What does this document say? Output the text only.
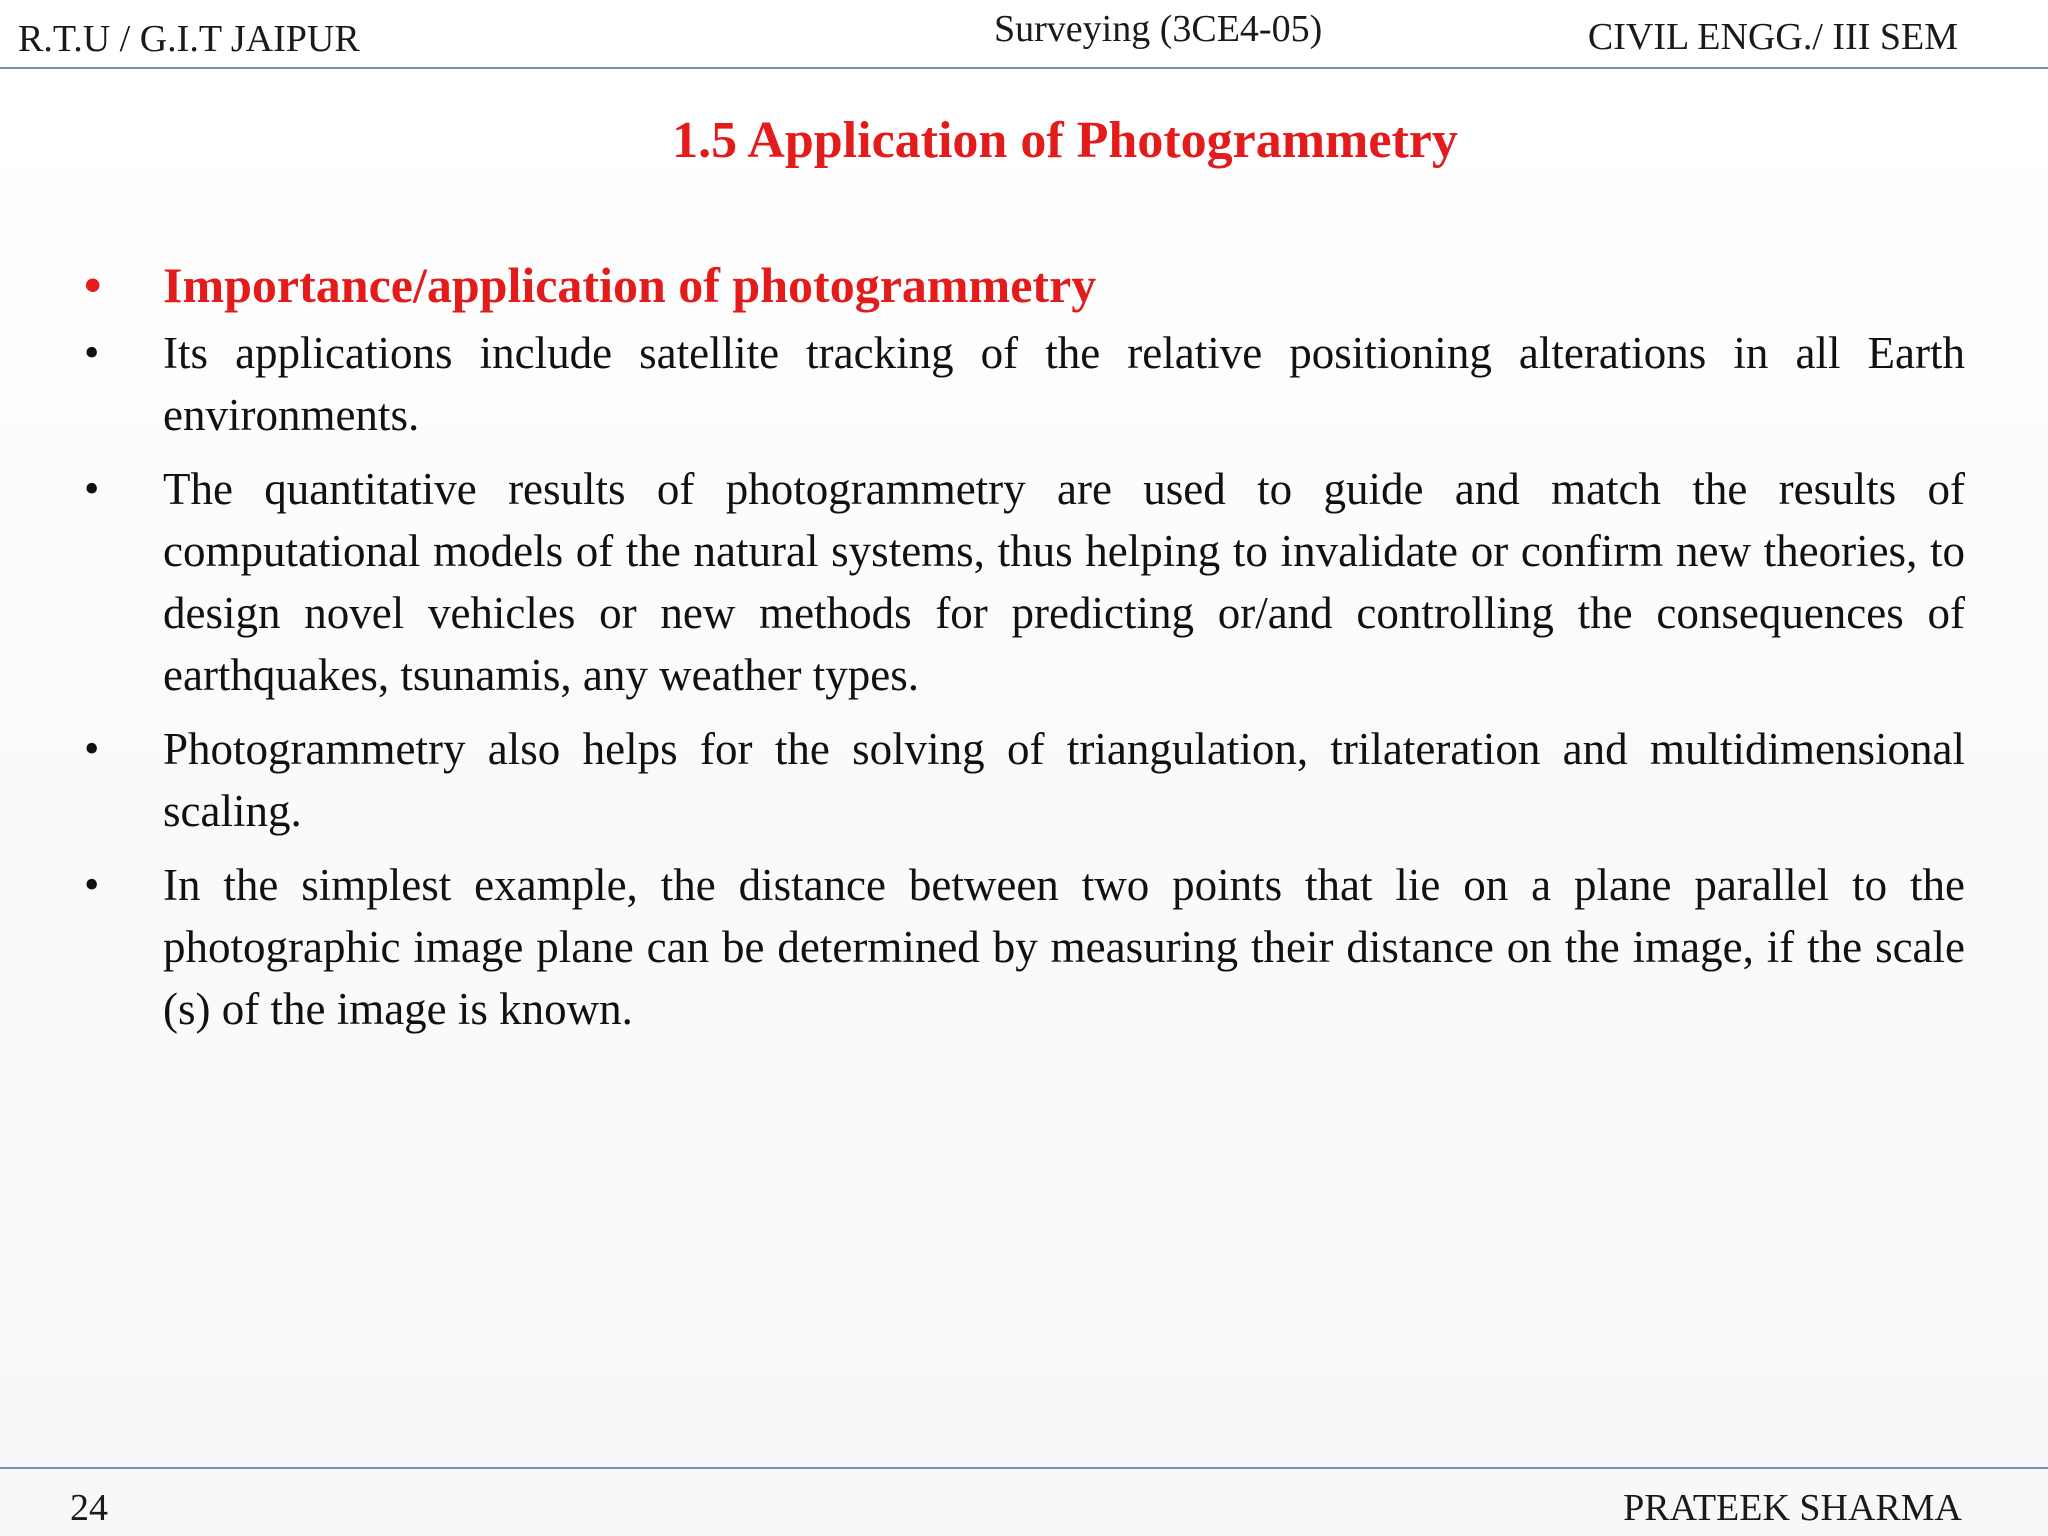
R.T.U / G.I.T JAIPUR	Surveying (3CE4-05)	CIVIL ENGG./ III SEM
1.5 Application of Photogrammetry
•	Importance/application of photogrammetry
•	Its applications include satellite tracking of the relative positioning alterations in all Earth environments.
•	The quantitative results of photogrammetry are used to guide and match the results of computational models of the natural systems, thus helping to invalidate or confirm new theories, to design novel vehicles or new methods for predicting or/and controlling the consequences of earthquakes, tsunamis, any weather types.
•	Photogrammetry also helps for the solving of triangulation, trilateration and multidimensional scaling.
•	In the simplest example, the distance between two points that lie on a plane parallel to the photographic image plane can be determined by measuring their distance on the image, if the scale (s) of the image is known.
24	PRATEEK SHARMA
